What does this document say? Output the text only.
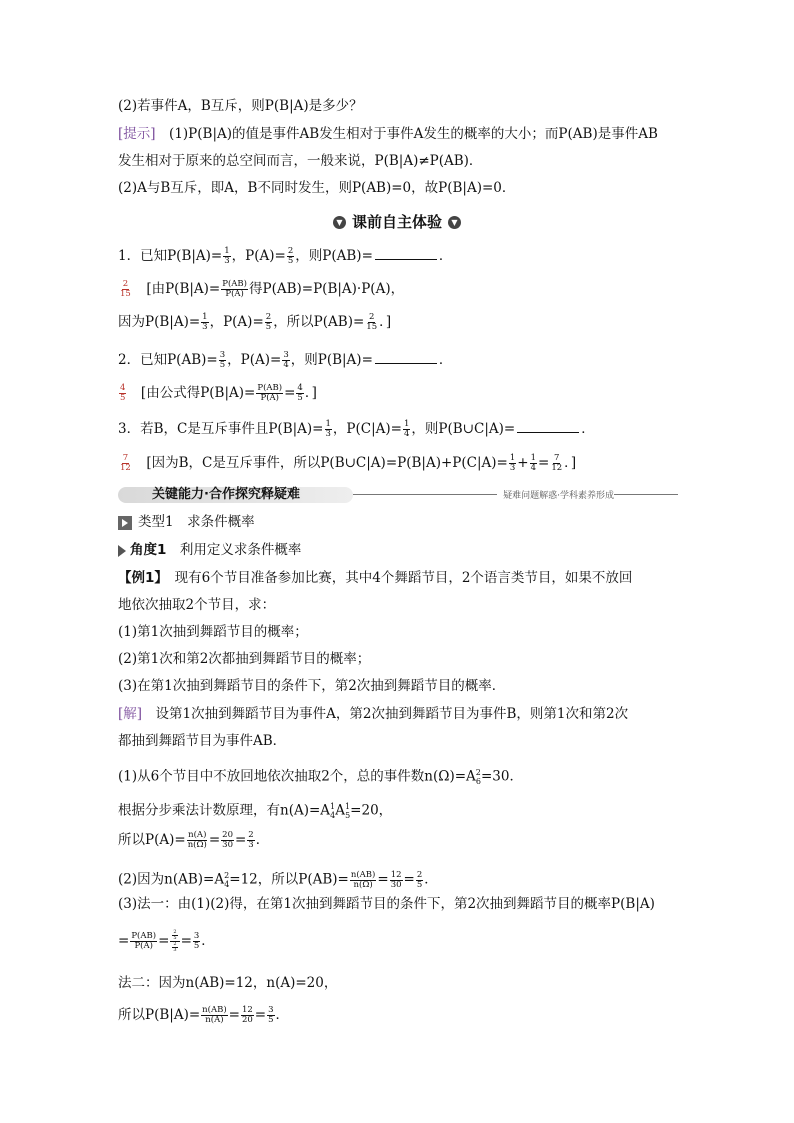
(2)若事件A，B互斥，则P(B|A)是多少？
[提示]　 (1)P(B|A)的值是事件AB发生相对于事件A发生的概率的大小；而P(AB)是事件AB
发生相对于原来的总空间而言，一般来说，P(B|A)≠P(AB)．
(2)A与B互斥，即A，B不同时发生，则P(AB)=0，故P(B|A)=0．
▼ 课前自主体验 ▼
1．已知$P(B|A)= \frac{1}{3}$ ，$P(A)= \frac{2}{5}$ ，则P(AB)=	．
$\frac{2}{15}$
　 [由$P(B|A)= \frac{P(AB)}{P(A)}$ 得P(AB)=P(B|A)·P(A)，
因为$P(B|A)= \frac{1}{3}$ ，$P(A)= \frac{2}{5}$ ，所以$P(AB)= \frac{2}{15}$ ．]
2．已知$P(AB)= \frac{3}{5}$ ，$P(A)= \frac{3}{4}$ ，则P(B|A)=	．
$\frac{4}{5}$
　 [由公式得$P(B|A)= \frac{P(AB)}{P(A)} = \frac{4}{5}$ ．]
3．若B，C是互斥事件且$P(B|A)= \frac{1}{3}$ ，$P(C|A)= \frac{1}{4}$ ，则P(B∪C|A)=	．
$\frac{7}{12}$
　 [因为B，C是互斥事件，所以P(B∪C|A)=P(B|A)+P(C|A)= $\frac{1}{3} + \frac{1}{4} = \frac{7}{12}$ ．]
关键能力·合作探究释疑难	疑难问题解惑·学科素养形成
类型1　求条件概率
角度1　 利用定义求条件概率
【例1】　 现有6个节目准备参加比赛，其中4个舞蹈节目，2个语言类节目，如果不放回
地依次抽取2个节目，求：
(1)第1次抽到舞蹈节目的概率；
(2)第1次和第2次都抽到舞蹈节目的概率；
(3)在第1次抽到舞蹈节目的条件下，第2次抽到舞蹈节目的概率．
[解]　 设第1次抽到舞蹈节目为事件A，第2次抽到舞蹈节目为事件B，则第1次和第2次
都抽到舞蹈节目为事件AB．
(1)从6个节目中不放回地依次抽取2个，总的事件数$n(\Omega)=A^2_6=30$．
根据分步乘法计数原理，有$n(A)=A^1_4A^1_5=20$，
所以$P(A)= \frac{n(A)}{n(\Omega)} = \frac{20}{30} = \frac{2}{3}$ ．
(2)因为$n(AB)=A^2_4=12$，所以$P(AB)= \frac{n(AB)}{n(\Omega)} = \frac{12}{30} = \frac{2}{5}$ ．
(3)法一：由(1)(2)得，在第1次抽到舞蹈节目的条件下，第2次抽到舞蹈节目的概率P(B|A)
= $\frac{P(AB)}{P(A)} = \frac{\frac{2}{5}}{\frac{2}{3}} = \frac{3}{5}$ ．
法二：因为n(AB)=12，n(A)=20，
所以$P(B|A)= \frac{n(AB)}{n(A)} = \frac{12}{20} = \frac{3}{5}$ ．
